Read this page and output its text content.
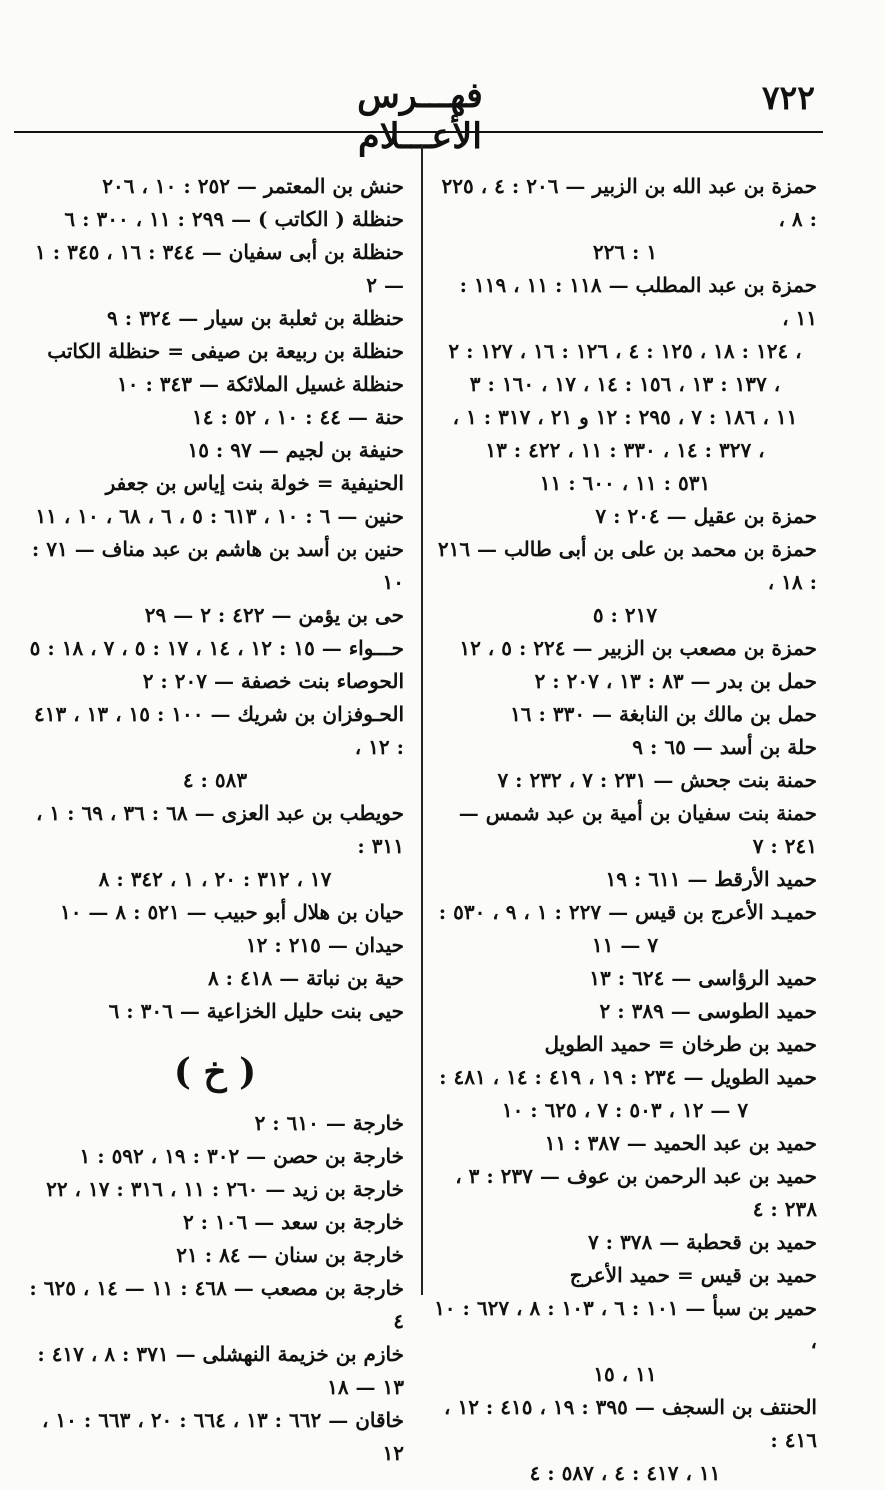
٧٢٢
فهـــرس الأعـــلام
حمزة بن عبد الله بن الزبير — ٢٠٦ : ٤ ، ٢٢٥ : ٨ ،
١ : ٢٢٦
حمزة بن عبد المطلب — ١١٨ : ١١ ، ١١٩ : ١١ ،
١٢٤ : ١٨ ، ١٢٥ : ٤ ، ١٢٦ : ١٦ ، ١٢٧ : ٢ ،
١٣٧ : ١٣ ، ١٥٦ : ١٤ ، ١٧ ، ١٦٠ : ٣ ،
١١ ، ١٨٦ : ٧ ، ٢٩٥ : ١٢ و ٢١ ، ٣١٧ : ١ ،
٣٢٧ : ١٤ ، ٣٣٠ : ١١ ، ٤٢٢ : ١٣ ،
٥٣١ : ١١ ، ٦٠٠ : ١١
حمزة بن عقيل — ٢٠٤ : ٧
حمزة بن محمد بن على بن أبى طالب — ٢١٦ : ١٨ ،
٢١٧ : ٥
حمزة بن مصعب بن الزبير — ٢٢٤ : ٥ ، ١٢
حمل بن بدر — ٨٣ : ١٣ ، ٢٠٧ : ٢
حمل بن مالك بن النابغة — ٣٣٠ : ١٦
حلة بن أسد — ٦٥ : ٩
حمنة بنت جحش — ٢٣١ : ٧ ، ٢٣٢ : ٧
حمنة بنت سفيان بن أمية بن عبد شمس — ٢٤١ : ٧
حميد الأرقط — ٦١١ : ١٩
حميـد الأعرج بن قيس — ٢٢٧ : ١ ، ٩ ، ٥٣٠ :
٧ — ١١
حميد الرؤاسى — ٦٢٤ : ١٣
حميد الطوسى — ٣٨٩ : ٢
حميد بن طرخان = حميد الطويل
حميد الطويل — ٢٣٤ : ١٩ ، ٤١٩ : ١٤ ، ٤٨١ :
٧ — ١٢ ، ٥٠٣ : ٧ ، ٦٢٥ : ١٠
حميد بن عبد الحميد — ٣٨٧ : ١١
حميد بن عبد الرحمن بن عوف — ٢٣٧ : ٣ ، ٢٣٨ : ٤
حميد بن قحطبة — ٣٧٨ : ٧
حميد بن قيس = حميد الأعرج
حمير بن سبأ — ١٠١ : ٦ ، ١٠٣ : ٨ ، ٦٢٧ : ١٠ ،
١١ ، ١٥
الحنتف بن السجف — ٣٩٥ : ١٩ ، ٤١٥ : ١٢ ، ٤١٦ :
١١ ، ٤١٧ : ٤ ، ٥٨٧ : ٤
حنش بن المعتمر — ٢٥٢ : ١٠ ، ٢٠٦
حنظلة ( الكاتب ) — ٢٩٩ : ١١ ، ٣٠٠ : ٦
حنظلة بن أبى سفيان — ٣٤٤ : ١٦ ، ٣٤٥ : ١ — ٢
حنظلة بن ثعلبة بن سيار — ٣٢٤ : ٩
حنظلة بن ربيعة بن صيفى = حنظلة الكاتب
حنظلة غسيل الملائكة — ٣٤٣ : ١٠
حنة — ٤٤ : ١٠ ، ٥٢ : ١٤
حنيفة بن لجيم — ٩٧ : ١٥
الحنيفية = خولة بنت إياس بن جعفر
حنين — ٦ : ١٠ ، ٦١٣ : ٥ ، ٦ ، ٦٨ ، ١٠ ، ١١
حنين بن أسد بن هاشم بن عبد مناف — ٧١ : ١٠
حى بن يؤمن — ٤٢٢ : ٢ — ٢٩
حـــواء — ١٥ : ١٢ ، ١٤ ، ١٧ : ٥ ، ٧ ، ١٨ : ٥
الحوصاء بنت خصفة — ٢٠٧ : ٢
الحـوفزان بن شريك — ١٠٠ : ١٥ ، ١٣ ، ٤١٣ : ١٢ ،
٥٨٣ : ٤
حويطب بن عبد العزى — ٦٨ : ٣٦ ، ٦٩ : ١ ، ٣١١ :
١٧ ، ٣١٢ : ٢٠ ، ١ ، ٣٤٢ : ٨
حيان بن هلال أبو حبيب — ٥٢١ : ٨ — ١٠
حيدان — ٢١٥ : ١٢
حية بن نباتة — ٤١٨ : ٨
حيى بنت حليل الخزاعية — ٣٠٦ : ٦
( خ )
خارجة — ٦١٠ : ٢
خارجة بن حصن — ٣٠٢ : ١٩ ، ٥٩٢ : ١
خارجة بن زيد — ٢٦٠ : ١١ ، ٣١٦ : ١٧ ، ٢٢
خارجة بن سعد — ١٠٦ : ٢
خارجة بن سنان — ٨٤ : ٢١
خارجة بن مصعب — ٤٦٨ : ١١ — ١٤ ، ٦٢٥ : ٤
خازم بن خزيمة النهشلى — ٣٧١ : ٨ ، ٤١٧ : ١٣ — ١٨
خاقان — ٦٦٢ : ١٣ ، ٦٦٤ : ٢٠ ، ٦٦٣ : ١٠ ، ١٢
